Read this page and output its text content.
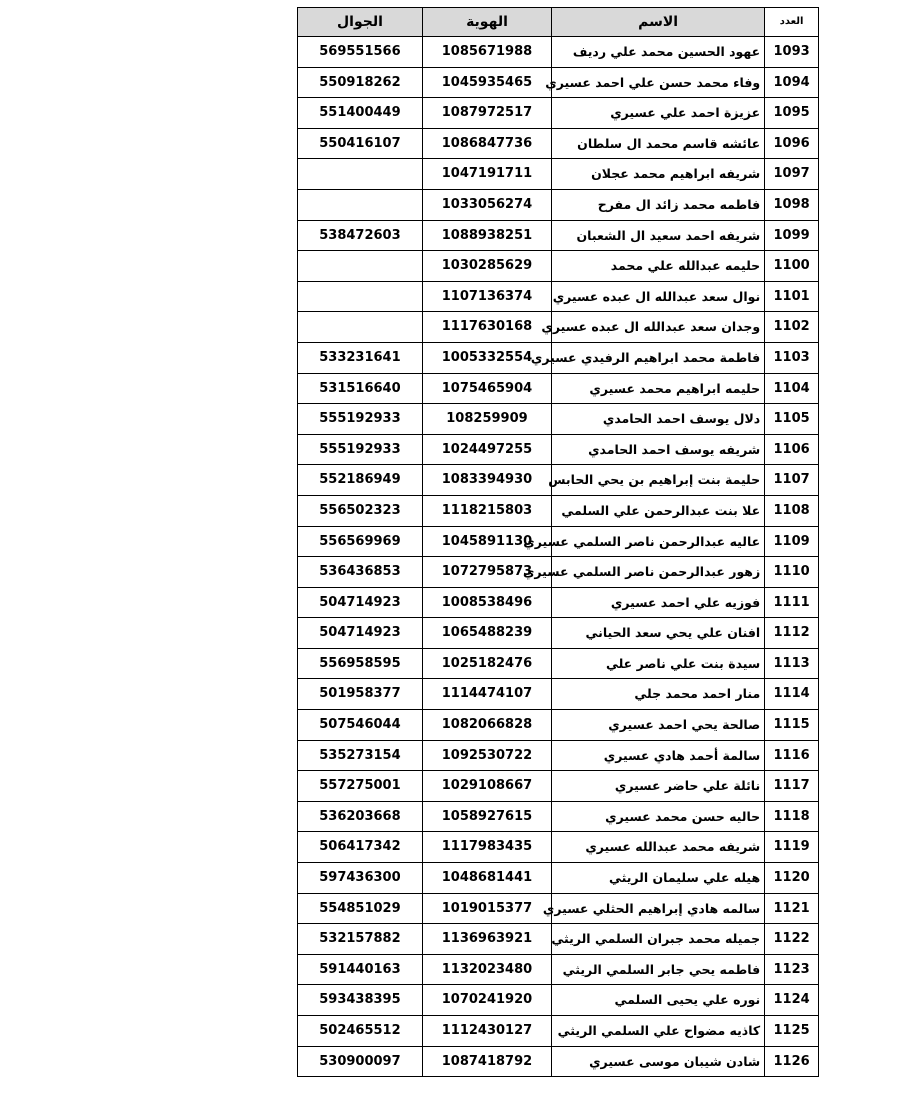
العدد	الاسم	الهوية	الجوال
1093	عهود الحسين محمد علي رديف	1085671988	569551566
1094	وفاء محمد حسن علي احمد عسيري	1045935465	550918262
1095	عزيزة احمد علي عسيري	1087972517	551400449
1096	عائشه قاسم محمد ال سلطان	1086847736	550416107
1097	شريفه ابراهيم محمد عجلان	1047191711	
1098	فاطمه محمد زائد ال مفرح	1033056274	
1099	شريفه احمد سعيد ال الشعبان	1088938251	538472603
1100	حليمه عبدالله علي محمد	1030285629	
1101	نوال سعد عبدالله ال عبده عسيري	1107136374	
1102	وجدان سعد عبدالله ال عبده عسيري	1117630168	
1103	فاطمة محمد ابراهيم الرفيدي عسيري	1005332554	533231641
1104	حليمه ابراهيم محمد عسيري	1075465904	531516640
1105	دلال يوسف احمد الحامدي	108259909	555192933
1106	شريفه يوسف احمد الحامدي	1024497255	555192933
1107	حليمة بنت إبراهيم بن يحي الحابس	1083394930	552186949
1108	علا بنت عبدالرحمن علي السلمي	1118215803	556502323
1109	عاليه عبدالرحمن ناصر السلمي عسيري	1045891130	556569969
1110	زهور عبدالرحمن ناصر السلمي عسيري	1072795873	536436853
1111	فوزيه علي احمد عسيري	1008538496	504714923
1112	افنان علي يحي سعد الحياني	1065488239	504714923
1113	سيدة بنت علي ناصر علي	1025182476	556958595
1114	منار احمد محمد جلي	1114474107	501958377
1115	صالحة يحي احمد عسيري	1082066828	507546044
1116	سالمة أحمد هادي عسيري	1092530722	535273154
1117	نائلة علي حاضر عسيري	1029108667	557275001
1118	حاليه حسن محمد عسيري	1058927615	536203668
1119	شريفه محمد عبدالله عسيري	1117983435	506417342
1120	هيله علي سليمان الريثي	1048681441	597436300
1121	سالمه هادي إبراهيم الحثلي عسيري	1019015377	554851029
1122	جميله محمد جبران السلمي الريثي	1136963921	532157882
1123	فاطمه يحي جابر السلمي الريثي	1132023480	591440163
1124	نوره علي يحيى السلمي	1070241920	593438395
1125	كاذيه مضواح علي السلمي الريثي	1112430127	502465512
1126	شادن شيبان موسى عسيري	1087418792	530900097
